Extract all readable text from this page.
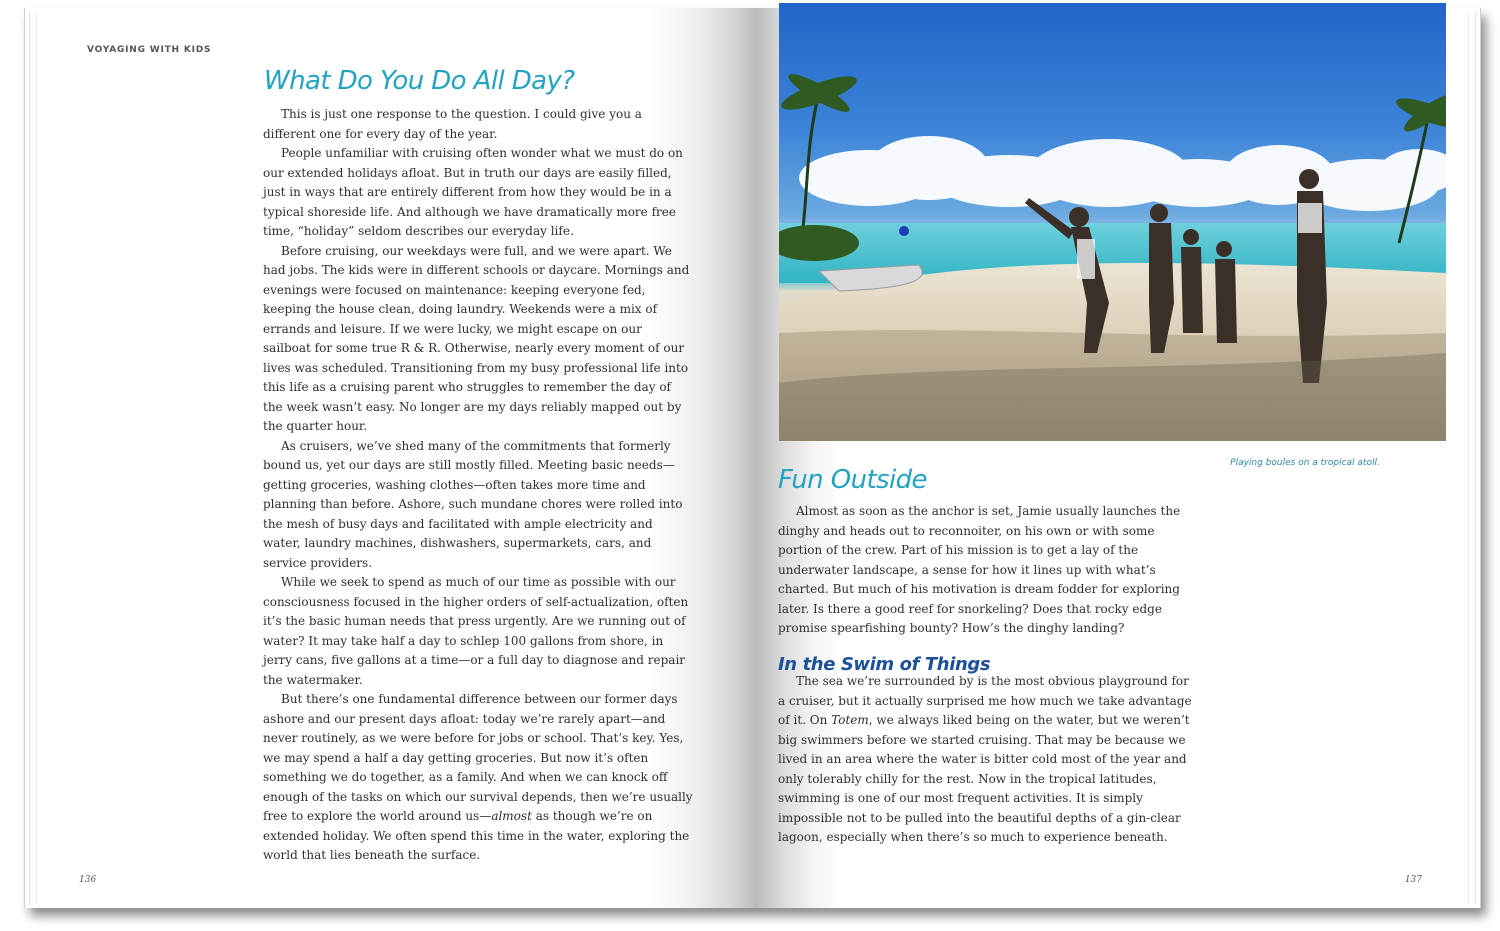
VOYAGING WITH KIDS
136	137
What Do You Do All Day?

This is just one response to the question. I could give you a different one for every day of the year.

People unfamiliar with cruising often wonder what we must do on our extended holidays afloat. But in truth our days are easily filled, just in ways that are entirely different from how they would be in a typical shoreside life. And although we have dramatically more free time, “holiday” seldom describes our everyday life.

Before cruising, our weekdays were full, and we were apart. We had jobs. The kids were in different schools or daycare. Mornings and evenings were focused on maintenance: keeping everyone fed, keeping the house clean, doing laundry. Weekends were a mix of errands and leisure. If we were lucky, we might escape on our sailboat for some true R & R. Otherwise, nearly every moment of our lives was scheduled. Transitioning from my busy professional life into this life as a cruising parent who struggles to remember the day of the week wasn’t easy. No longer are my days reliably mapped out by the quarter hour.

As cruisers, we’ve shed many of the commitments that formerly bound us, yet our days are still mostly filled. Meeting basic needs—getting groceries, washing clothes—often takes more time and planning than before. Ashore, such mundane chores were rolled into the mesh of busy days and facilitated with ample electricity and water, laundry machines, dishwashers, supermarkets, cars, and service providers.

While we seek to spend as much of our time as possible with our consciousness focused in the higher orders of self-actualization, often it’s the basic human needs that press urgently. Are we running out of water? It may take half a day to schlep 100 gallons from shore, in jerry cans, five gallons at a time—or a full day to diagnose and repair the watermaker.

But there’s one fundamental difference between our former days ashore and our present days afloat: today we’re rarely apart—and never routinely, as we were before for jobs or school. That’s key. Yes, we may spend a half a day getting groceries. But now it’s often something we do together, as a family. And when we can knock off enough of the tasks on which our survival depends, then we’re usually free to explore the world around us—almost as though we’re on extended holiday. We often spend this time in the water, exploring the world that lies beneath the surface.

Playing boules on a tropical atoll.
Fun Outside

Almost as soon as the anchor is set, Jamie usually launches the dinghy and heads out to reconnoiter, on his own or with some portion of the crew. Part of his mission is to get a lay of the underwater landscape, a sense for how it lines up with what’s charted. But much of his motivation is dream fodder for exploring later. Is there a good reef for snorkeling? Does that rocky edge promise spearfishing bounty? How’s the dinghy landing?

In the Swim of Things

The sea we’re surrounded by is the most obvious playground for a cruiser, but it actually surprised me how much we take advantage of it. On Totem, we always liked being on the water, but we weren’t big swimmers before we started cruising. That may be because we lived in an area where the water is bitter cold most of the year and only tolerably chilly for the rest. Now in the tropical latitudes, swimming is one of our most frequent activities. It is simply impossible not to be pulled into the beautiful depths of a gin-clear lagoon, especially when there’s so much to experience beneath.
